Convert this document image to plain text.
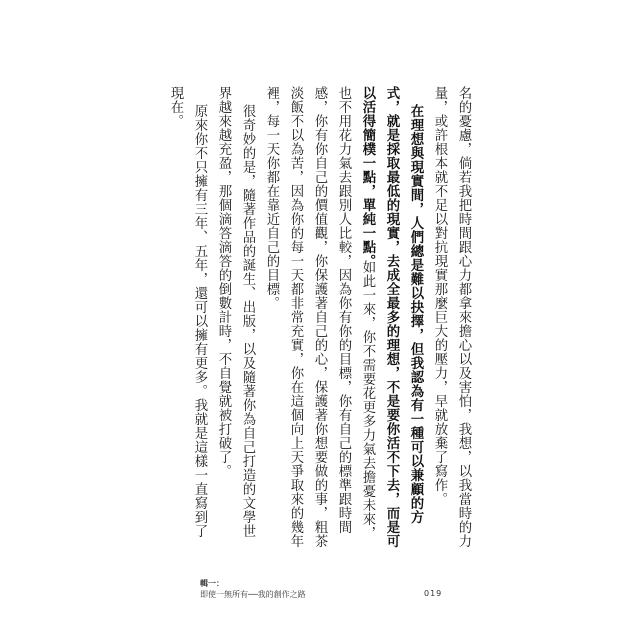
名的憂慮，倘若我把時間跟心力都拿來擔心以及害怕，我想，以我當時的力
量，或許根本就不足以對抗現實那麼巨大的壓力，早就放棄了寫作。
在理想與現實間，人們總是難以抉擇，但我認為有一種可以兼顧的方
式，就是採取最低的現實，去成全最多的理想，不是要你活不下去，而是可
以活得簡樸一點，單純一點。
如此一來，你不需要花更多力氣去擔憂未來，
也不用花力氣去跟別人比較，因為你有你的目標，你有自己的標準跟時間
感，你有你自己的價值觀，你保護著自己的心，保護著你想要做的事，粗茶
淡飯不以為苦，因為你的每一天都非常充實，你在這個向上天爭取來的幾年
裡，每一天你都在靠近自己的目標。
很奇妙的是，隨著作品的誕生、出版，以及隨著你為自己打造的文學世
界越來越充盈，那個滴答滴答的倒數計時，不自覺就被打破了。
原來你不只擁有三年、五年，還可以擁有更多。我就是這樣一直寫到了
現在。
輯一：
即使一無所有──我的創作之路	019
